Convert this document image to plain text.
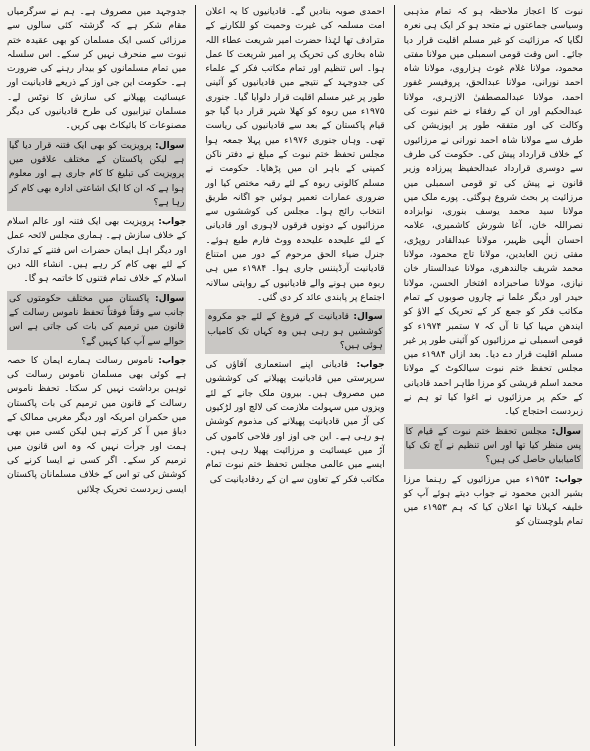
نبوت کا اعجاز ملاحظہ ہو کہ تمام مذہبی وسیاسی جماعتوں نے متحد ہو کر ایک ہی نعرہ لگایا کہ مرزائیت کو غیر مسلم اقلیت قرار دیا جائے۔ اس وقت قومی اسمبلی میں مولانا مفتی محمود، مولانا غلام غوث ہزاروی، مولانا شاہ احمد نورانی، مولانا عبدالحق، پروفیسر غفور احمد، مولانا عبدالمصطفیٰ الازہری، مولانا عبدالحکیم اور ان کے رفقاء نے ختم نبوت کی وکالت کی اور متفقہ طور پر اپوزیشن کی طرف سے مولانا شاہ احمد نورانی نے مرزائیوں کے خلاف قرارداد پیش کی۔ حکومت کی طرف سے دوسری قرارداد عبدالحفیظ پیرزادہ وزیر قانون نے پیش کی تو قومی اسمبلی میں مرزائیت پر بحث شروع ہوگئی۔ پورے ملک میں مولانا سید محمد یوسف بنوری، نوابزادہ نصراللہ خان، آغا شورش کاشمیری، علامہ احسان الٰہی ظہیر، مولانا عبدالقادر روپڑی، مفتی زین العابدین، مولانا تاج محمود، مولانا محمد شریف جالندھری، مولانا عبدالستار خان نیازی، مولانا صاحبزادہ افتخار الحسن، مولانا حیدر اور دیگر علما نے چاروں صوبوں کے تمام مکاتب فکر کو جمع کر کے تحریک کے الاؤ کو ایندھن مہیا کیا تا آں کہ ۷ ستمبر ۱۹۷۴ء کو قومی اسمبلی نے مرزائیوں کو آئینی طور پر غیر مسلم اقلیت قرار دے دیا۔ بعد ازاں ۱۹۸۴ء میں مجلس تحفظ ختم نبوت سیالکوٹ کے مولانا محمد اسلم قریشی کو مرزا طاہر احمد قادیانی کے حکم پر مرزائیوں نے اغوا کیا تو ہم نے زبردست احتجاج کیا۔

سوال: مجلس تحفظ ختم نبوت کے قیام کا پس منظر کیا تھا اور اس تنظیم نے آج تک کیا کامیابیاں حاصل کی ہیں؟

جواب: ۱۹۵۳ء میں مرزائیوں کے رہنما مرزا بشیر الدین محمود نے جواب دیتے ہوئے آپ کو خلیفہ کہلانا تھا اعلان کیا کہ ہم ۱۹۵۳ء میں تمام بلوچستان کو

احمدی صوبہ بنادیں گے۔ قادیانیوں کا یہ اعلان امت مسلمہ کی غیرت وحمیت کو للکارنے کے مترادف تھا لہٰذا حضرت امیر شریعت عطاء اللہ شاہ بخاری کی تحریک پر امیر شریعت کا عمل ہوا۔ اس تنظیم اور تمام مکاتب فکر کے علماء کی جدوجہد کے نتیجے میں قادیانیوں کو آئینی طور پر غیر مسلم اقلیت قرار دلوایا گیا۔ جنوری ۱۹۷۵ء میں ربوہ کو کھلا شہر قرار دیا گیا جو قیام پاکستان کے بعد سے قادیانیوں کی ریاست تھی۔ وہاں جنوری ۱۹۷۶ء میں پہلا جمعہ ہوا مجلس تحفظ ختم نبوت کے مبلغ نے دفتر ناکن کمپنی کے باہر ان میں پڑھایا۔ حکومت نے مسلم کالونی ربوہ کے لئے رقبہ مختص کیا اور ضروری عمارات تعمیر ہوئیں جو اگانہ طریق انتخاب رائج ہوا۔ مجلس کی کوششوں سے مرزائیوں کے دونوں فرقوں لاہوری اور قادیانی کے لئے علیحدہ علیحدہ ووٹ فارم طبع ہوئے۔ جنرل ضیاء الحق مرحوم کے دور میں امتناع قادیانیت آرڈیننس جاری ہوا۔ ۱۹۸۴ء میں ہی ربوہ میں ہونے والے قادیانیوں کے روایتی سالانہ اجتماع پر پابندی عائد کر دی گئی۔

سوال: قادیانیت کے فروغ کے لئے جو مکروہ کوششیں ہو رہی ہیں وہ کہاں تک کامیاب ہوئی ہیں؟

جواب: قادیانی اپنے استعماری آقاؤں کی سرپرستی میں قادیانیت پھیلانے کی کوششوں میں مصروف ہیں۔ بیرون ملک جانے کے لئے ویزوں میں سہولت ملازمت کی لالچ اور لڑکیوں کی آڑ میں قادیانیت پھیلانے کی مذموم کوشش ہو رہی ہے۔ این جی اوز اور فلاحی کاموں کی آڑ میں عیسائیت و مرزائیت پھیلا رہی ہیں۔ ایسے میں عالمی مجلس تحفظ ختم نبوت تمام مکاتب فکر کے تعاون سے ان کے ردقادیانیت کی

جدوجہد میں مصروف ہے۔ ہم نے سرگرمیاں مقام شکر ہے کہ گزشتہ کئی سالوں سے مرزائی کسی ایک مسلمان کو بھی عقیدہ ختم نبوت سے منحرف نہیں کر سکے۔ اس سلسلہ میں تمام مسلمانوں کو بیدار رہنے کی ضرورت ہے۔ حکومت این جی اوز کے ذریعے قادیانیت اور عیسائیت پھیلانے کی سازش کا نوٹس لے۔ مسلمان تیزابیوں کی طرح قادیانیوں کی دیگر مصنوعات کا بائیکاٹ بھی کریں۔

سوال: پرویزیت کو بھی ایک فتنہ قرار دیا گیا ہے لیکن پاکستان کے مختلف علاقوں میں پرویزیت کی تبلیغ کا کام جاری ہے اور معلوم ہوا ہے کہ ان کا ایک اشاعتی ادارہ بھی کام کر رہا ہے؟

جواب: پرویزیت بھی ایک فتنہ اور عالم اسلام کے خلاف سازش ہے۔ ہماری مجلس لائحہ عمل اور دیگر اہل ایمان حضرات اس فتنے کے تدارک کے لئے بھی کام کر رہے ہیں۔ انشاء اللہ دین اسلام کے خلاف تمام فتنوں کا خاتمہ ہو گا۔

سوال: پاکستان میں مختلف حکومتوں کی جانب سے وقتاً فوقتاً تحفظ ناموس رسالت کے قانون میں ترمیم کی بات کی جاتی ہے اس حوالے سے آپ کیا کہیں گے؟

جواب: ناموس رسالت ہمارے ایمان کا حصہ ہے کوئی بھی مسلمان ناموس رسالت کی توہین برداشت نہیں کر سکتا۔ تحفظ ناموس رسالت کے قانون میں ترمیم کی بات پاکستان میں حکمران امریکہ اور دیگر مغربی ممالک کے دباؤ میں آ کر کرتے ہیں لیکن کسی میں بھی ہمت اور جرأت نہیں کہ وہ اس قانون میں ترمیم کر سکے۔ اگر کسی نے ایسا کرنے کی کوشش کی تو اس کے خلاف مسلمانان پاکستان ایسی زبردست تحریک چلائیں
